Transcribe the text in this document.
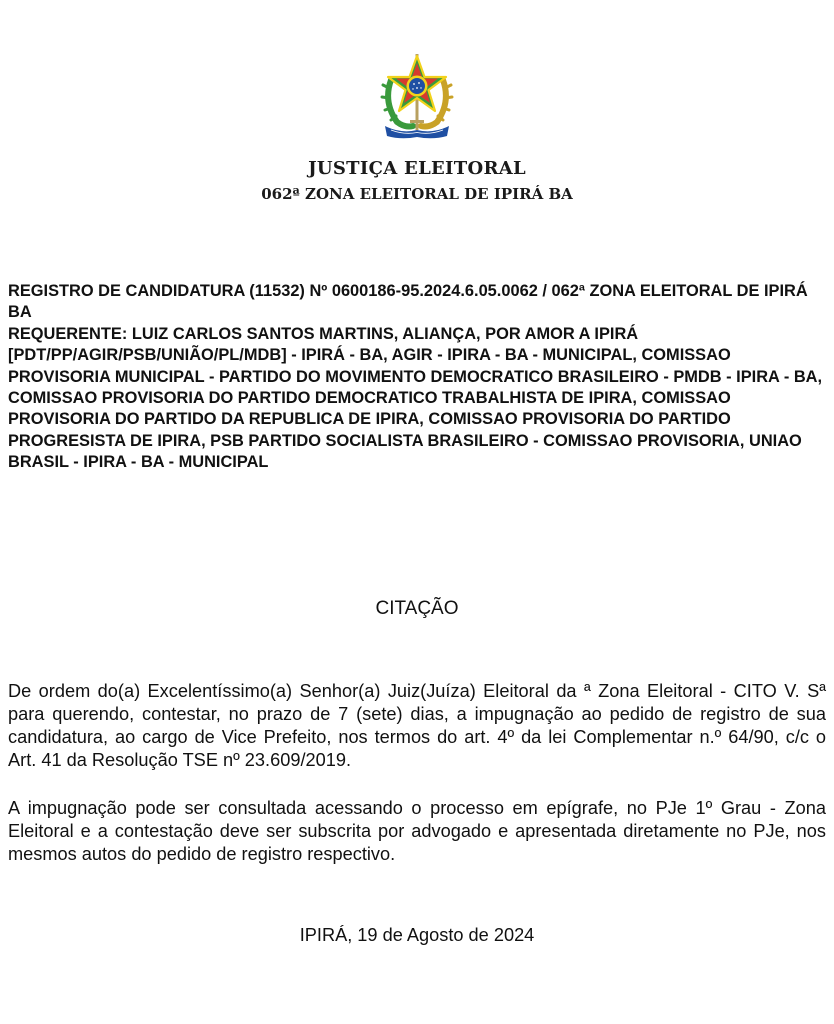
JUSTIÇA ELEITORAL
062ª ZONA ELEITORAL DE IPIRÁ BA

REGISTRO DE CANDIDATURA (11532) Nº 0600186-95.2024.6.05.0062 / 062ª ZONA ELEITORAL DE IPIRÁ BA

REQUERENTE: LUIZ CARLOS SANTOS MARTINS, ALIANÇA, POR AMOR A IPIRÁ [PDT/PP/AGIR/PSB/UNIÃO/PL/MDB] - IPIRÁ - BA, AGIR - IPIRA - BA - MUNICIPAL, COMISSAO PROVISORIA MUNICIPAL - PARTIDO DO MOVIMENTO DEMOCRATICO BRASILEIRO - PMDB - IPIRA - BA, COMISSAO PROVISORIA DO PARTIDO DEMOCRATICO TRABALHISTA DE IPIRA, COMISSAO PROVISORIA DO PARTIDO DA REPUBLICA DE IPIRA, COMISSAO PROVISORIA DO PARTIDO PROGRESISTA DE IPIRA, PSB PARTIDO SOCIALISTA BRASILEIRO - COMISSAO PROVISORIA, UNIAO BRASIL - IPIRA - BA - MUNICIPAL

CITAÇÃO

De ordem do(a) Excelentíssimo(a) Senhor(a) Juiz(Juíza) Eleitoral da ª Zona Eleitoral - CITO V. Sª para querendo, contestar, no prazo de 7 (sete) dias, a impugnação ao pedido de registro de sua candidatura, ao cargo de Vice Prefeito, nos termos do art. 4º da lei Complementar n.º 64/90, c/c o Art. 41 da Resolução TSE nº 23.609/2019.

A impugnação pode ser consultada acessando o processo em epígrafe, no PJe 1º Grau - Zona Eleitoral e a contestação deve ser subscrita por advogado e apresentada diretamente no PJe, nos mesmos autos do pedido de registro respectivo.

IPIRÁ, 19 de Agosto de 2024
